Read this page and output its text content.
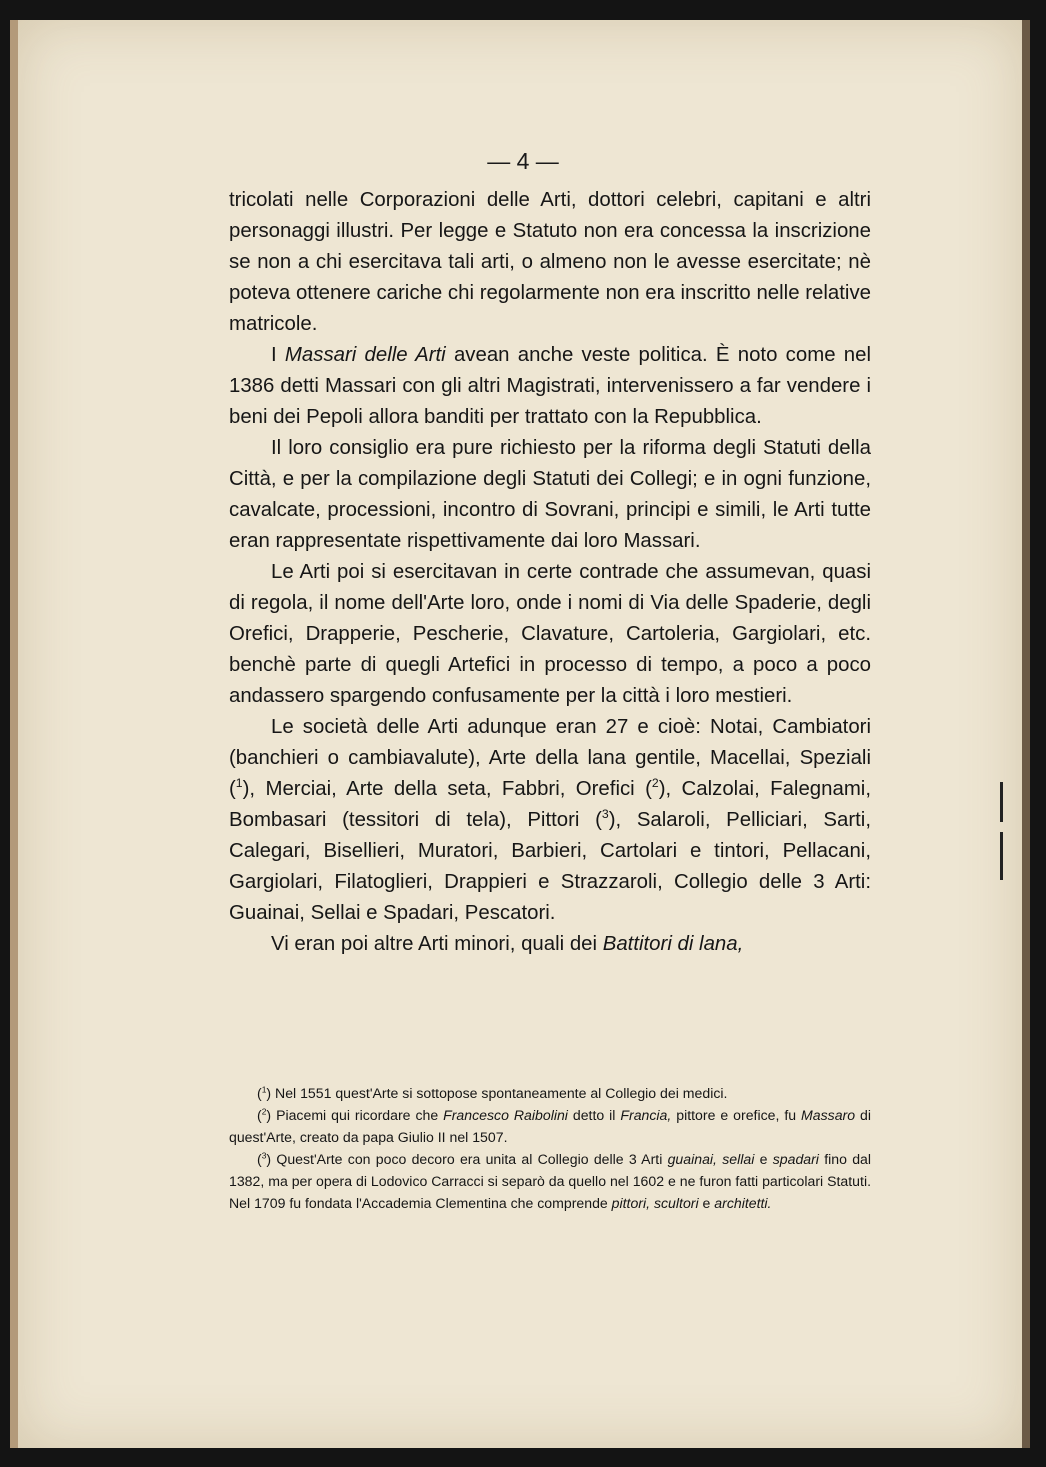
— 4 —

tricolati nelle Corporazioni delle Arti, dottori celebri, capitani e altri personaggi illustri. Per legge e Statuto non era concessa la inscrizione se non a chi esercitava tali arti, o almeno non le avesse esercitate; nè poteva ottenere cariche chi regolarmente non era inscritto nelle relative matricole.

I Massari delle Arti avean anche veste politica. È noto come nel 1386 detti Massari con gli altri Magistrati, intervenissero a far vendere i beni dei Pepoli allora banditi per trattato con la Repubblica.

Il loro consiglio era pure richiesto per la riforma degli Statuti della Città, e per la compilazione degli Statuti dei Collegi; e in ogni funzione, cavalcate, processioni, incontro di Sovrani, principi e simili, le Arti tutte eran rappresentate rispettivamente dai loro Massari.

Le Arti poi si esercitavan in certe contrade che assumevan, quasi di regola, il nome dell'Arte loro, onde i nomi di Via delle Spaderie, degli Orefici, Drapperie, Pescherie, Clavature, Cartoleria, Gargiolari, etc. benchè parte di quegli Artefici in processo di tempo, a poco a poco andassero spargendo confusamente per la città i loro mestieri.

Le società delle Arti adunque eran 27 e cioè: Notai, Cambiatori (banchieri o cambiavalute), Arte della lana gentile, Macellai, Speziali ($^1$), Merciai, Arte della seta, Fabbri, Orefici ($^2$), Calzolai, Falegnami, Bombasari (tessitori di tela), Pittori ($^3$), Salaroli, Pelliciari, Sarti, Calegari, Bisellieri, Muratori, Barbieri, Cartolari e tintori, Pellacani, Gargiolari, Filatoglieri, Drappieri e Strazzaroli, Collegio delle 3 Arti: Guainai, Sellai e Spadari, Pescatori.

Vi eran poi altre Arti minori, quali dei Battitori di lana,

($^1$) Nel 1551 quest'Arte si sottopose spontaneamente al Collegio dei medici.

($^2$) Piacemi qui ricordare che Francesco Raibolini detto il Francia, pittore e orefice, fu Massaro di quest'Arte, creato da papa Giulio II nel 1507.

($^3$) Quest'Arte con poco decoro era unita al Collegio delle 3 Arti guainai, sellai e spadari fino dal 1382, ma per opera di Lodovico Carracci si separò da quello nel 1602 e ne furon fatti particolari Statuti. Nel 1709 fu fondata l'Accademia Clementina che comprende pittori, scultori e architetti.
